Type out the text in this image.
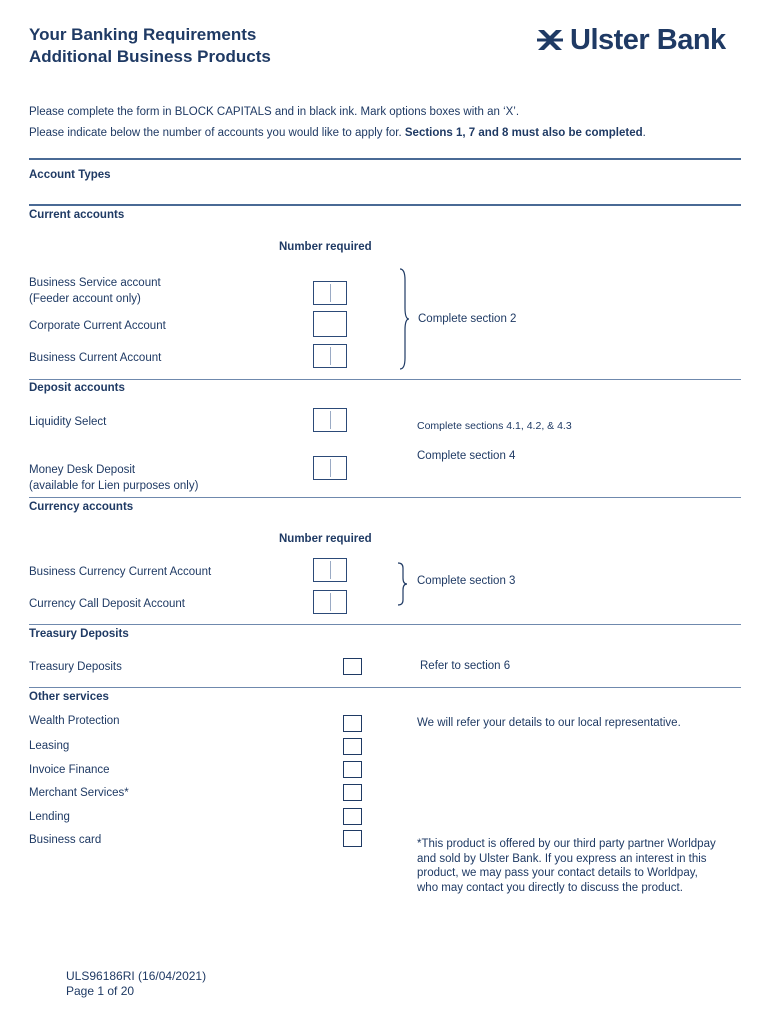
Your Banking Requirements
Additional Business Products
Ulster Bank
Please complete the form in BLOCK CAPITALS and in black ink. Mark options boxes with an ‘X’.
Please indicate below the number of accounts you would like to apply for. Sections 1, 7 and 8 must also be completed.
Account Types
Current accounts
Number required
Business Service account
(Feeder account only)
Corporate Current Account
Business Current Account
Complete section 2
Deposit accounts
Liquidity Select	Complete sections 4.1, 4.2, & 4.3
Complete section 4
Money Desk Deposit
(available for Lien purposes only)
Currency accounts
Number required
Business Currency Current Account
Currency Call Deposit Account
Complete section 3
Treasury Deposits
Treasury Deposits	Refer to section 6
Other services
Wealth Protection
Leasing
Invoice Finance
Merchant Services*
Lending
Business card
We will refer your details to our local representative.
*This product is offered by our third party partner Worldpay and sold by Ulster Bank. If you express an interest in this product, we may pass your contact details to Worldpay, who may contact you directly to discuss the product.
ULS96186RI (16/04/2021)
Page 1 of 20
